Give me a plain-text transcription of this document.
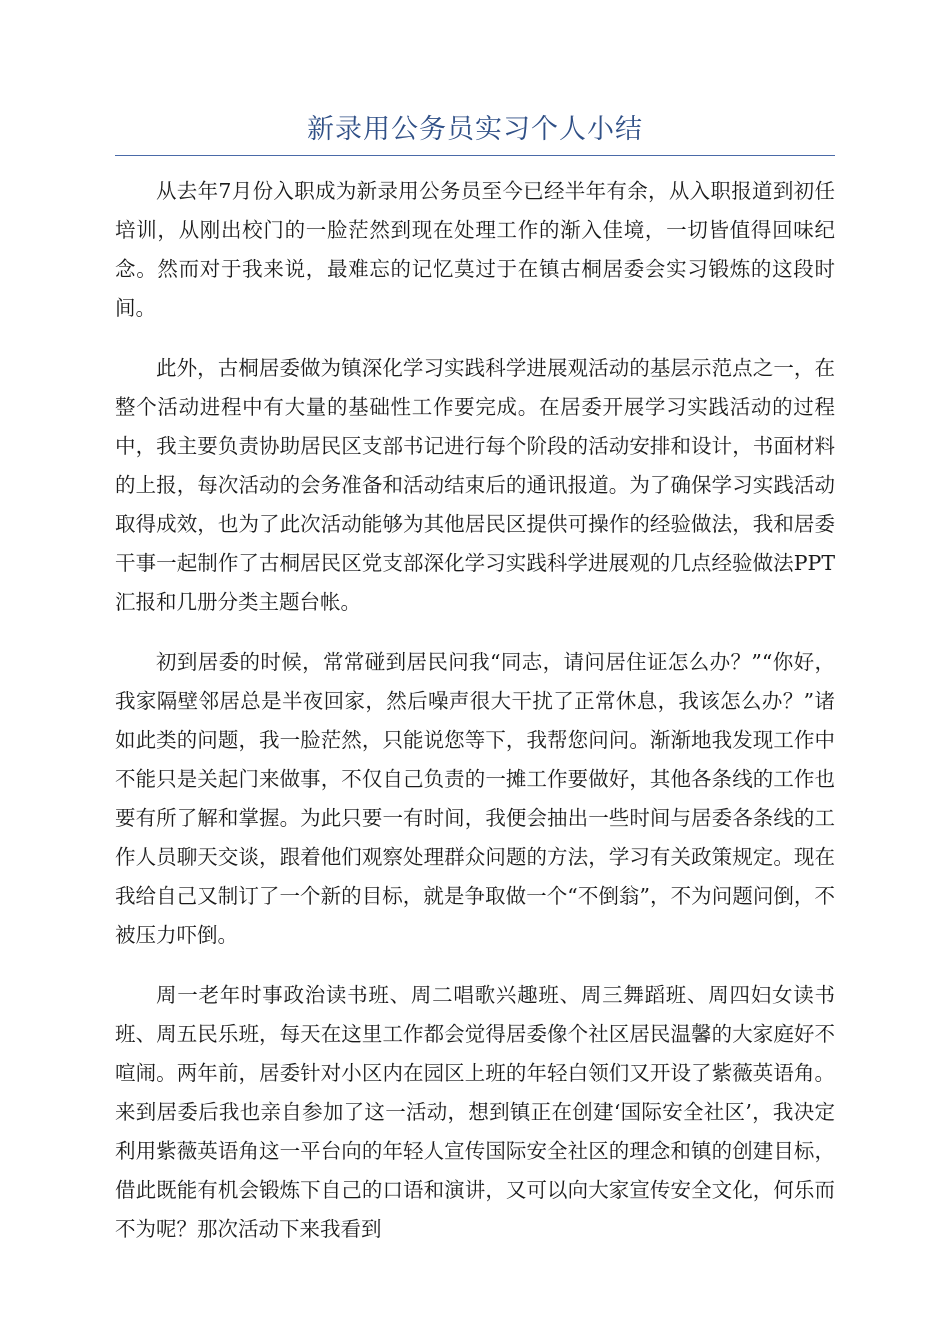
新录用公务员实习个人小结

从去年7月份入职成为新录用公务员至今已经半年有余，从入职报道到初任培训，从刚出校门的一脸茫然到现在处理工作的渐入佳境，一切皆值得回味纪念。然而对于我来说，最难忘的记忆莫过于在镇古桐居委会实习锻炼的这段时间。

此外，古桐居委做为镇深化学习实践科学进展观活动的基层示范点之一，在整个活动进程中有大量的基础性工作要完成。在居委开展学习实践活动的过程中，我主要负责协助居民区支部书记进行每个阶段的活动安排和设计，书面材料的上报，每次活动的会务准备和活动结束后的通讯报道。为了确保学习实践活动取得成效，也为了此次活动能够为其他居民区提供可操作的经验做法，我和居委干事一起制作了古桐居民区党支部深化学习实践科学进展观的几点经验做法PPT汇报和几册分类主题台帐。

初到居委的时候，常常碰到居民问我“同志，请问居住证怎么办？”“你好，我家隔壁邻居总是半夜回家，然后噪声很大干扰了正常休息，我该怎么办？”诸如此类的问题，我一脸茫然，只能说您等下，我帮您问问。渐渐地我发现工作中不能只是关起门来做事，不仅自己负责的一摊工作要做好，其他各条线的工作也要有所了解和掌握。为此只要一有时间，我便会抽出一些时间与居委各条线的工作人员聊天交谈，跟着他们观察处理群众问题的方法，学习有关政策规定。现在我给自己又制订了一个新的目标，就是争取做一个“不倒翁”，不为问题问倒，不被压力吓倒。

周一老年时事政治读书班、周二唱歌兴趣班、周三舞蹈班、周四妇女读书班、周五民乐班，每天在这里工作都会觉得居委像个社区居民温馨的大家庭好不喧闹。两年前，居委针对小区内在园区上班的年轻白领们又开设了紫薇英语角。来到居委后我也亲自参加了这一活动，想到镇正在创建‘国际安全社区’，我决定利用紫薇英语角这一平台向的年轻人宣传国际安全社区的理念和镇的创建目标，借此既能有机会锻炼下自己的口语和演讲，又可以向大家宣传安全文化，何乐而不为呢？那次活动下来我看到
